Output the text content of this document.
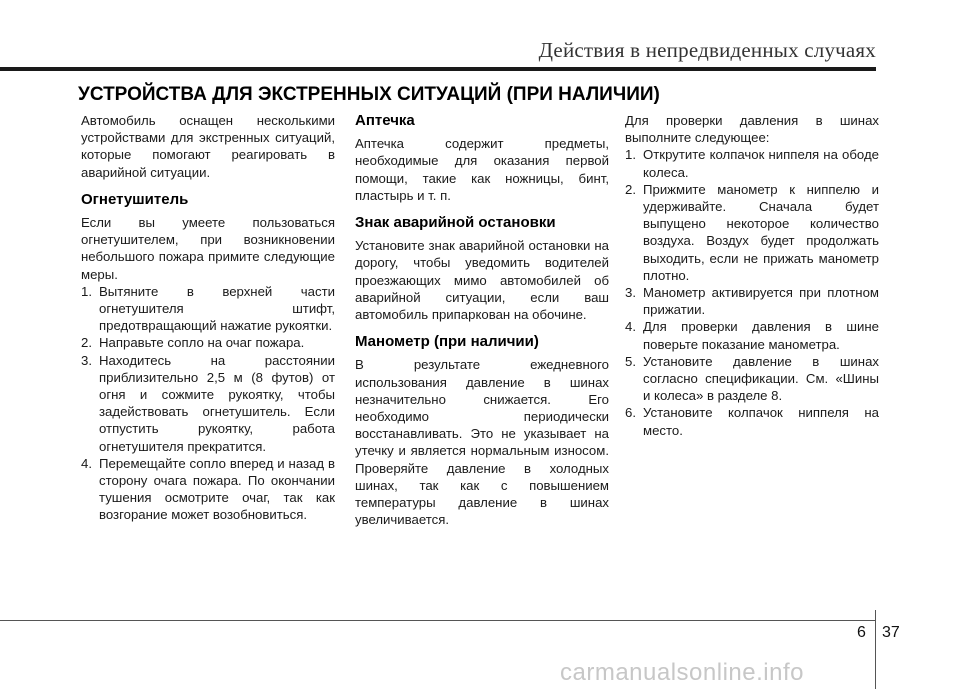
Действия в непредвиденных случаях
УСТРОЙСТВА ДЛЯ ЭКСТРЕННЫХ СИТУАЦИЙ (ПРИ НАЛИЧИИ)

Автомобиль оснащен несколькими устройствами для экстренных ситуаций, которые помогают реагировать в аварийной ситуации.

Огнетушитель

Если вы умеете пользоваться огнетушителем, при возникновении небольшого пожара примите следующие меры.

1. Вытяните в верхней части огнетушителя штифт, предотвращающий нажатие рукоятки.
2. Направьте сопло на очаг пожара.
3. Находитесь на расстоянии приблизительно 2,5 м (8 футов) от огня и сожмите рукоятку, чтобы задействовать огнетушитель. Если отпустить рукоятку, работа огнетушителя прекратится.
4. Перемещайте сопло вперед и назад в сторону очага пожара. По окончании тушения осмотрите очаг, так как возгорание может возобновиться.
Аптечка

Аптечка содержит предметы, необходимые для оказания первой помощи, такие как ножницы, бинт, пластырь и т. п.

Знак аварийной остановки

Установите знак аварийной остановки на дорогу, чтобы уведомить водителей проезжающих мимо автомобилей об аварийной ситуации, если ваш автомобиль припаркован на обочине.

Манометр (при наличии)

В результате ежедневного использования давление в шинах незначительно снижается. Его необходимо периодически восстанавливать. Это не указывает на утечку и является нормальным износом. Проверяйте давление в холодных шинах, так как с повышением температуры давление в шинах увеличивается.

Для проверки давления в шинах выполните следующее:

1. Открутите колпачок ниппеля на ободе колеса.
2. Прижмите манометр к ниппелю и удерживайте. Сначала будет выпущено некоторое количество воздуха. Воздух будет продолжать выходить, если не прижать манометр плотно.
3. Манометр активируется при плотном прижатии.
4. Для проверки давления в шине поверьте показание манометра.
5. Установите давление в шинах согласно спецификации. См. «Шины и колеса» в разделе 8.
6. Установите колпачок ниппеля на место.
6 37
carmanualsonline.info
